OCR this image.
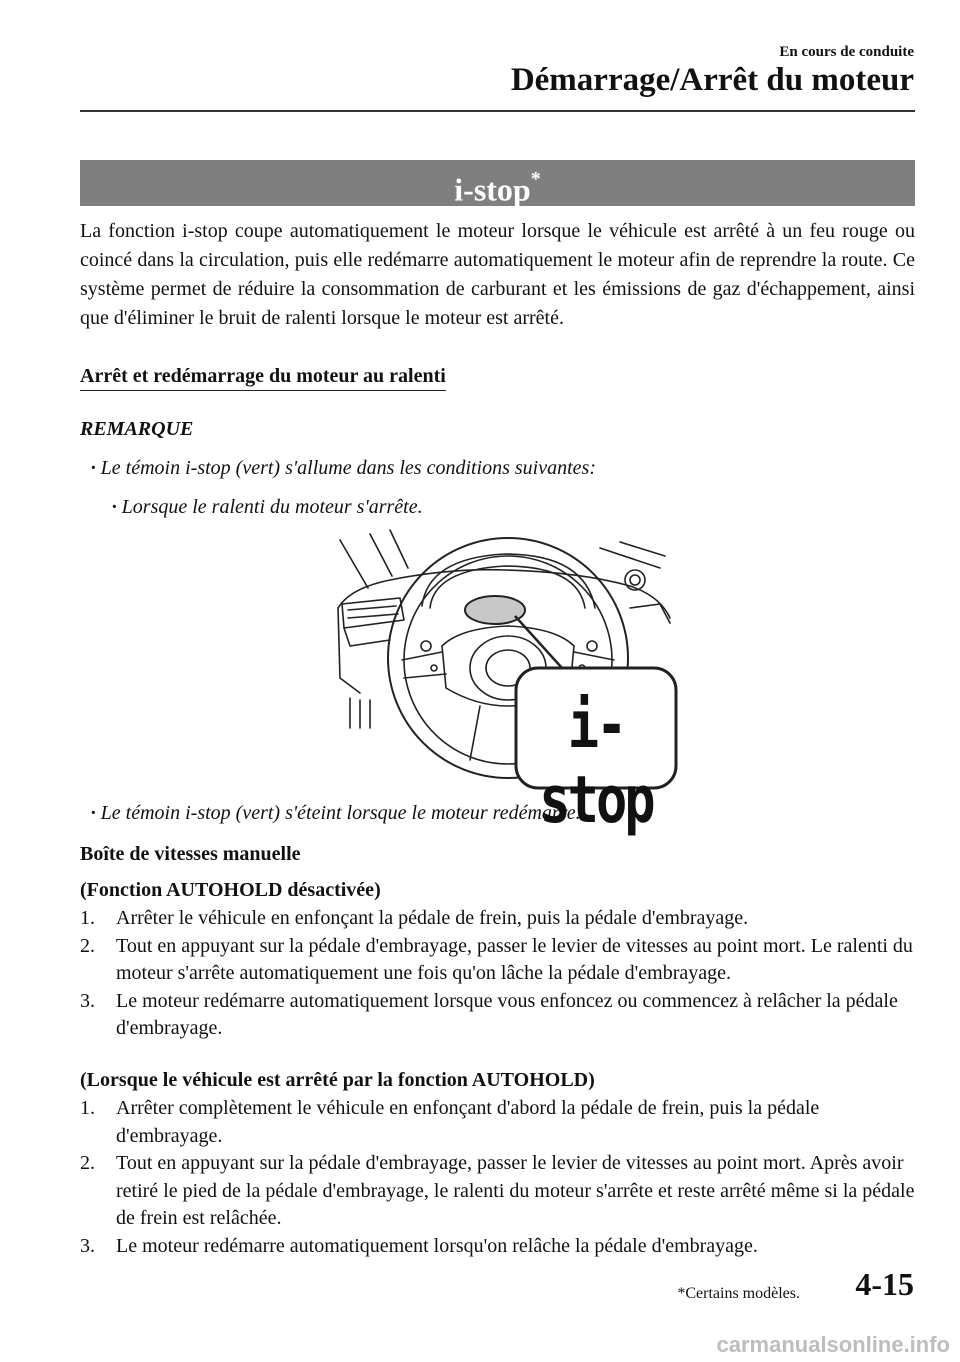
En cours de conduite
Démarrage/Arrêt du moteur
i-stop*
La fonction i-stop coupe automatiquement le moteur lorsque le véhicule est arrêté à un feu rouge ou coincé dans la circulation, puis elle redémarre automatiquement le moteur afin de reprendre la route. Ce système permet de réduire la consommation de carburant et les émissions de gaz d'échappement, ainsi que d'éliminer le bruit de ralenti lorsque le moteur est arrêté.
Arrêt et redémarrage du moteur au ralenti
REMARQUE
· Le témoin i-stop (vert) s'allume dans les conditions suivantes:
· Lorsque le ralenti du moteur s'arrête.
i-stop
· Le témoin i-stop (vert) s'éteint lorsque le moteur redémarre.
Boîte de vitesses manuelle
(Fonction AUTOHOLD désactivée)
1. Arrêter le véhicule en enfonçant la pédale de frein, puis la pédale d'embrayage.
2. Tout en appuyant sur la pédale d'embrayage, passer le levier de vitesses au point mort. Le ralenti du moteur s'arrête automatiquement une fois qu'on lâche la pédale d'embrayage.
3. Le moteur redémarre automatiquement lorsque vous enfoncez ou commencez à relâcher la pédale d'embrayage.
(Lorsque le véhicule est arrêté par la fonction AUTOHOLD)
1. Arrêter complètement le véhicule en enfonçant d'abord la pédale de frein, puis la pédale d'embrayage.
2. Tout en appuyant sur la pédale d'embrayage, passer le levier de vitesses au point mort. Après avoir retiré le pied de la pédale d'embrayage, le ralenti du moteur s'arrête et reste arrêté même si la pédale de frein est relâchée.
3. Le moteur redémarre automatiquement lorsqu'on relâche la pédale d'embrayage.
*Certains modèles. 4-15
carmanualsonline.info
